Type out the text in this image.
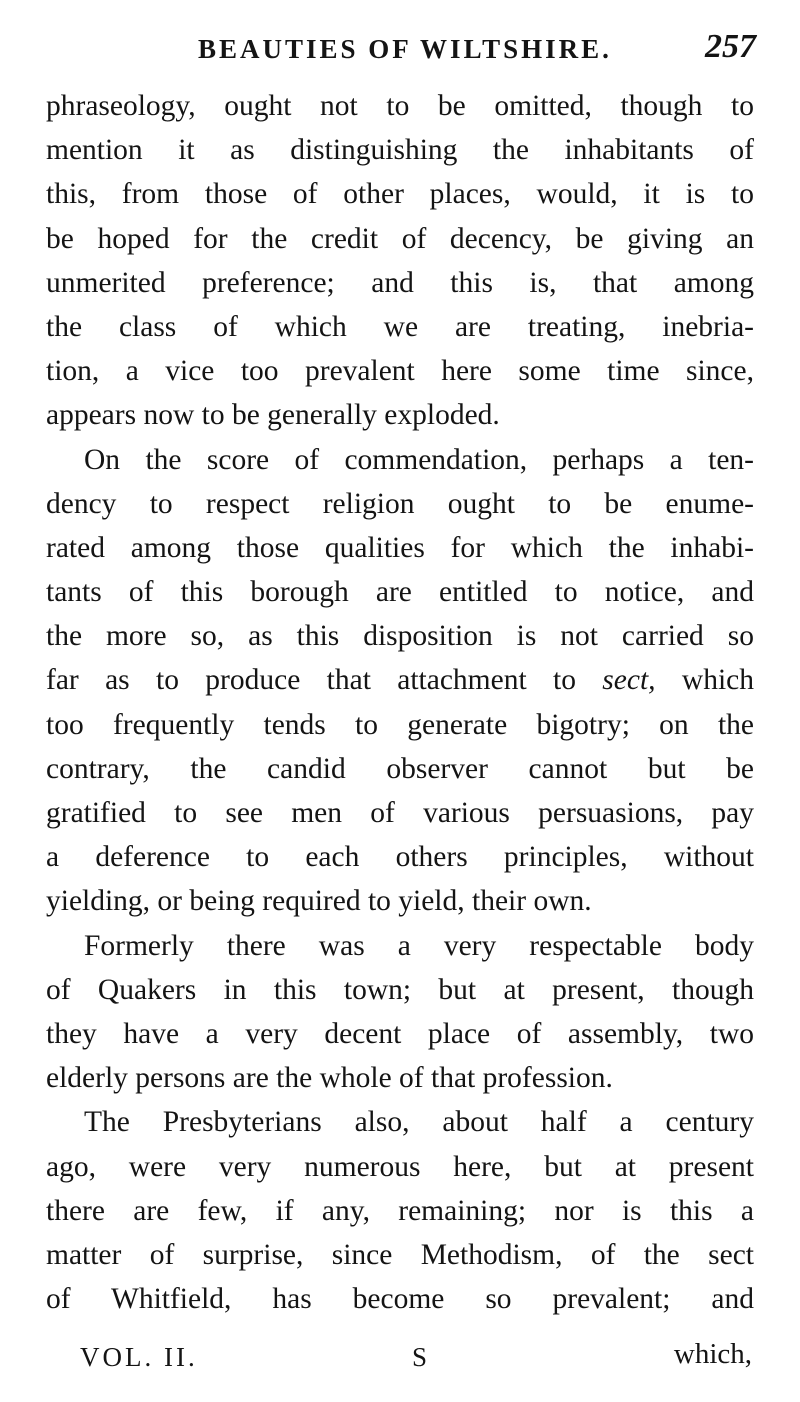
BEAUTIES OF WILTSHIRE.	257
phraseology, ought not to be omitted, though to
mention it as distinguishing the inhabitants of
this, from those of other places, would, it is to
be hoped for the credit of decency, be giving an
unmerited preference; and this is, that among
the class of which we are treating, inebria-
tion, a vice too prevalent here some time since,
appears now to be generally exploded.
On the score of commendation, perhaps a ten-
dency to respect religion ought to be enume-
rated among those qualities for which the inhabi-
tants of this borough are entitled to notice, and
the more so, as this disposition is not carried so
far as to produce that attachment to sect, which
too frequently tends to generate bigotry; on the
contrary, the candid observer cannot but be
gratified to see men of various persuasions, pay
a deference to each others principles, without
yielding, or being required to yield, their own.
Formerly there was a very respectable body
of Quakers in this town; but at present, though
they have a very decent place of assembly, two
elderly persons are the whole of that profession.
The Presbyterians also, about half a century
ago, were very numerous here, but at present
there are few, if any, remaining; nor is this a
matter of surprise, since Methodism, of the sect
of Whitfield, has become so prevalent; and
VOL. II.	S	which,
